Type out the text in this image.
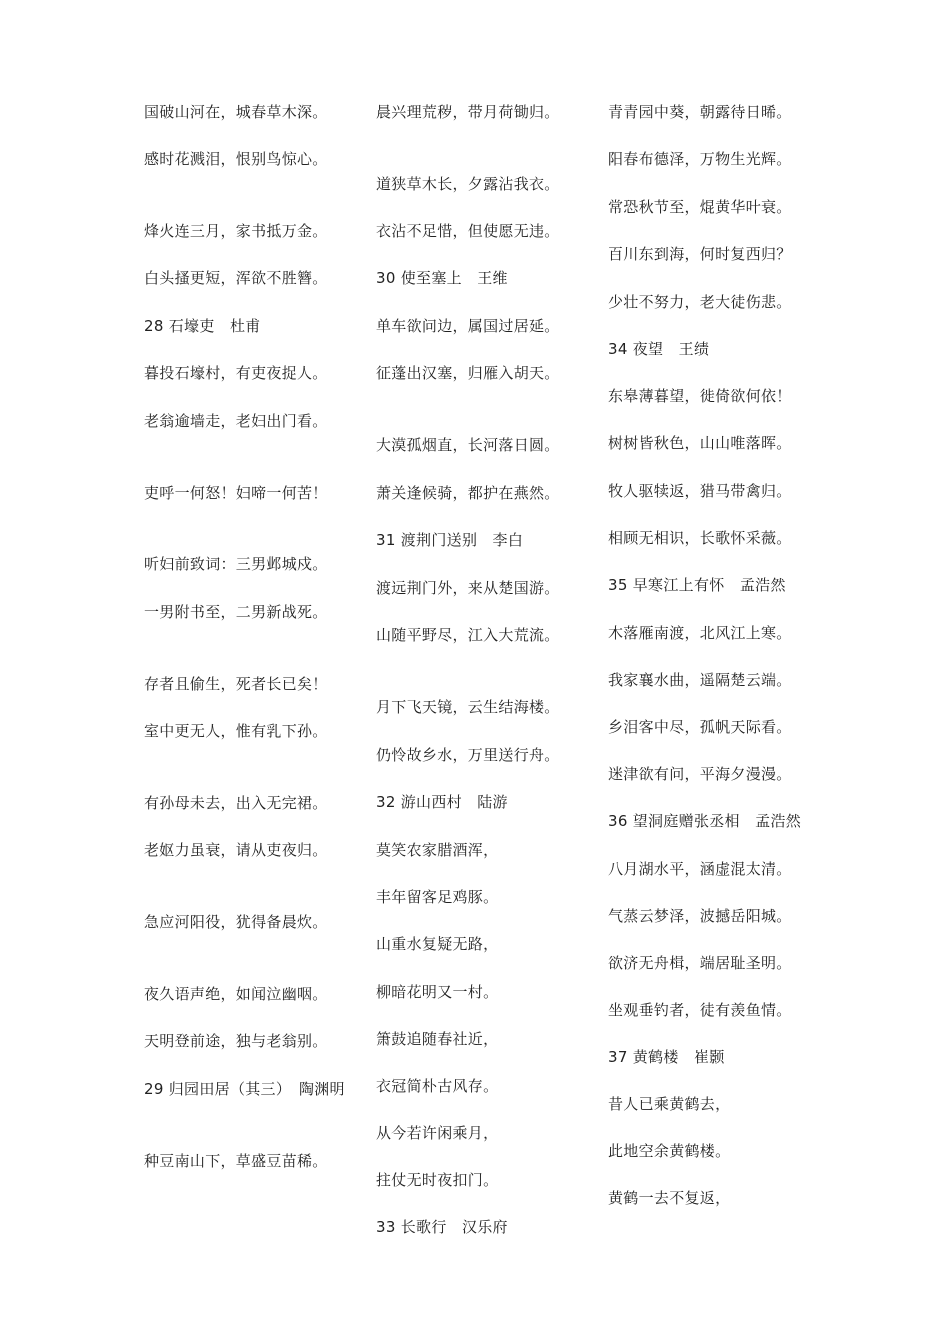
国破山河在，城春草木深。
感时花溅泪，恨别鸟惊心。
烽火连三月，家书抵万金。
白头搔更短，浑欲不胜簪。
28 石壕吏　杜甫
暮投石壕村，有吏夜捉人。
老翁逾墙走，老妇出门看。
吏呼一何怒！妇啼一何苦！
听妇前致词：三男邺城戍。
一男附书至，二男新战死。
存者且偷生，死者长已矣！
室中更无人，惟有乳下孙。
有孙母未去，出入无完裙。
老妪力虽衰，请从吏夜归。
急应河阳役，犹得备晨炊。
夜久语声绝，如闻泣幽咽。
天明登前途，独与老翁别。
29 归园田居（其三）　陶渊明
种豆南山下，草盛豆苗稀。
晨兴理荒秽，带月荷锄归。
道狭草木长，夕露沾我衣。
衣沾不足惜，但使愿无违。
30 使至塞上　王维
单车欲问边，属国过居延。
征蓬出汉塞，归雁入胡天。
大漠孤烟直，长河落日圆。
萧关逢候骑，都护在燕然。
31 渡荆门送别　李白
渡远荆门外，来从楚国游。
山随平野尽，江入大荒流。
月下飞天镜，云生结海楼。
仍怜故乡水，万里送行舟。
32 游山西村　陆游
莫笑农家腊酒浑，
丰年留客足鸡豚。
山重水复疑无路，
柳暗花明又一村。
箫鼓追随春社近，
衣冠简朴古风存。
从今若许闲乘月，
拄仗无时夜扣门。
33 长歌行　汉乐府
青青园中葵，朝露待日晞。
阳春布德泽，万物生光辉。
常恐秋节至，焜黄华叶衰。
百川东到海，何时复西归？
少壮不努力，老大徒伤悲。
34 夜望　王绩
东皋薄暮望，徙倚欲何依！
树树皆秋色，山山唯落晖。
牧人驱犊返，猎马带禽归。
相顾无相识，长歌怀采薇。
35 早寒江上有怀　孟浩然
木落雁南渡，北风江上寒。
我家襄水曲，遥隔楚云端。
乡泪客中尽，孤帆天际看。
迷津欲有问，平海夕漫漫。
36 望洞庭赠张丞相　孟浩然
八月湖水平，涵虚混太清。
气蒸云梦泽，波撼岳阳城。
欲济无舟楫，端居耻圣明。
坐观垂钓者，徒有羡鱼情。
37 黄鹤楼　崔颢
昔人已乘黄鹤去，
此地空余黄鹤楼。
黄鹤一去不复返，
